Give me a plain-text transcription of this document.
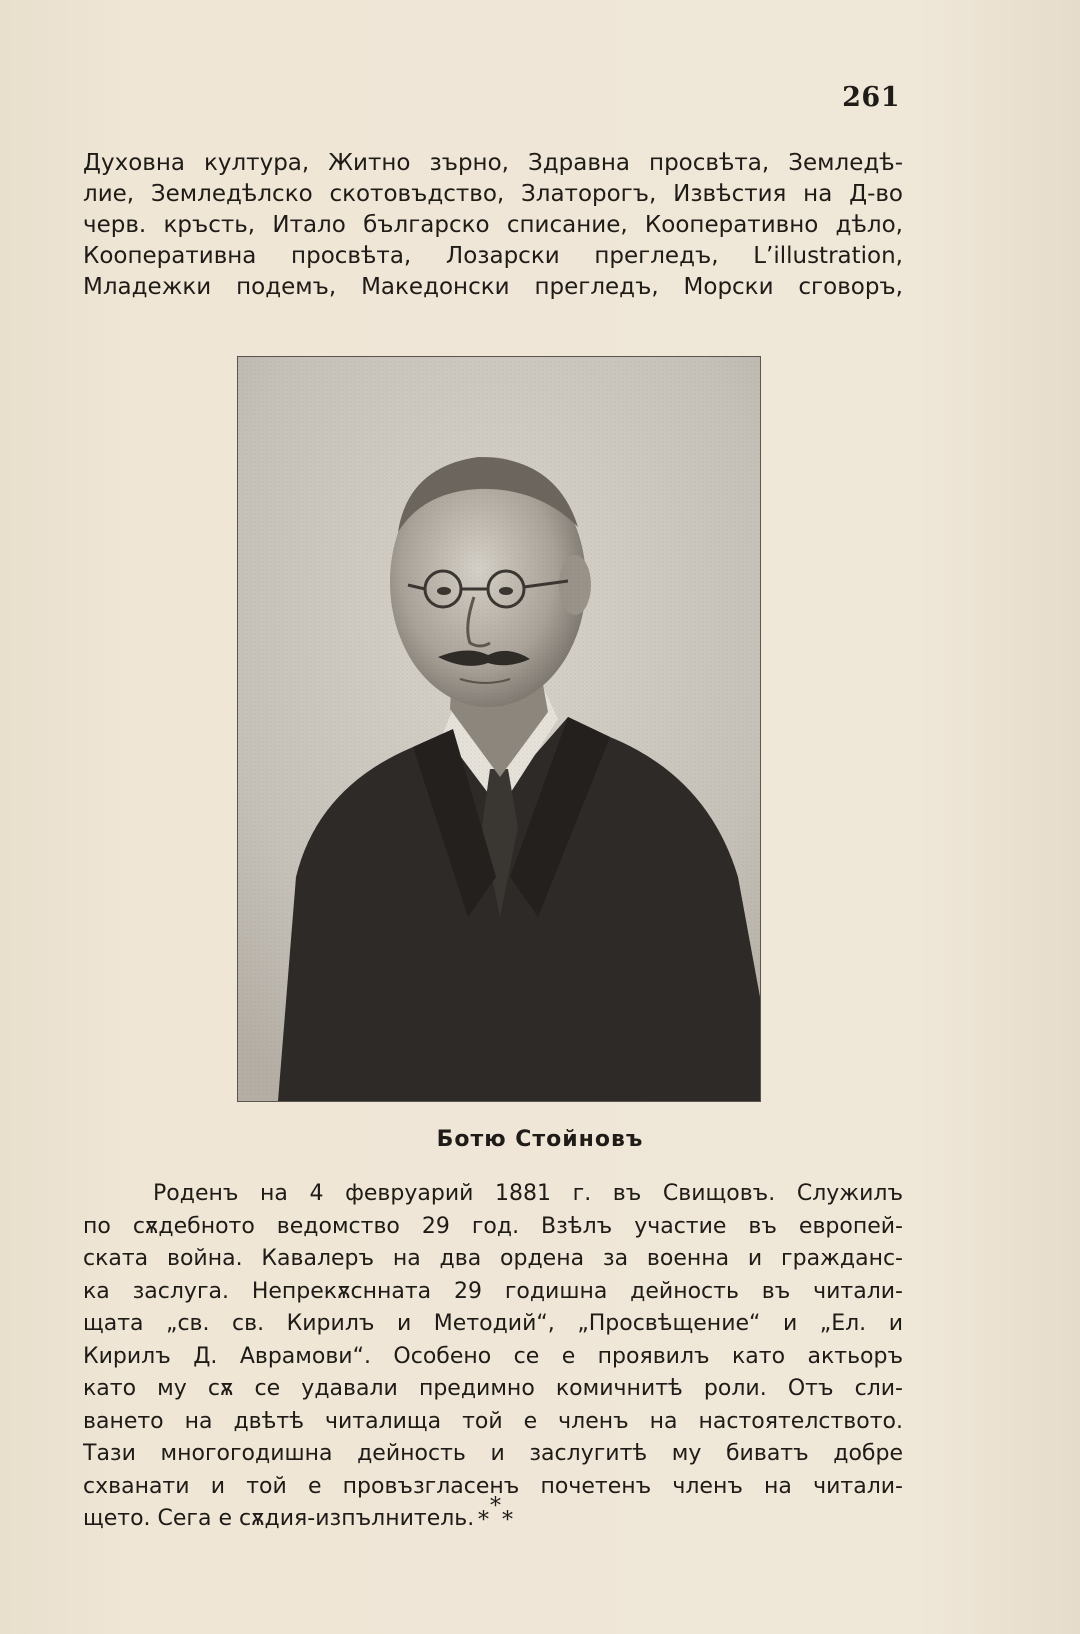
261
Духовна култура, Житно зърно, Здравна просвѣта, Земледѣ-
лие, Земледѣлско скотовъдство, Златорогъ, Извѣстия на Д-во
черв. кръсть, Итало българско списание, Кооперативно дѣло,
Кооперативна просвѣта, Лозарски прегледъ, L’illustration,
Младежки подемъ, Македонски прегледъ, Морски сговоръ,
Ботю Стойновъ
Роденъ на 4 февруарий 1881 г. въ Свищовъ. Служилъ
по сѫдебното ведомство 29 год. Взѣлъ участие въ европей-
ската война. Кавалеръ на два ордена за военна и гражданс-
ка заслуга. Непрекѫснната 29 годишна дейность въ читали-
щата „св. св. Кирилъ и Методий“, „Просвѣщение“ и „Ел. и
Кирилъ Д. Аврамови“. Особено се е проявилъ като актьоръ
като му сѫ се удавали предимно комичнитѣ роли. Отъ сли-
ването на двѣтѣ читалища той е членъ на настоятелството.
Тази многогодишна дейность и заслугитѣ му биватъ добре
схванати и той е провъзгласенъ почетенъ членъ на читали-
щето. Сега е сѫдия-изпълнитель. *
* *
